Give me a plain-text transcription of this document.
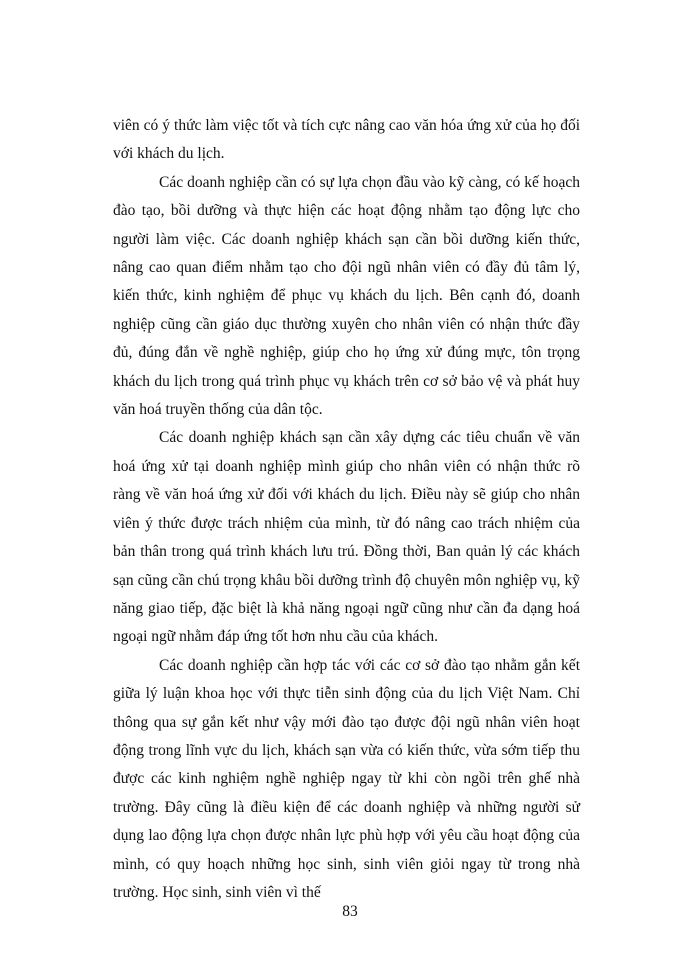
viên có ý thức làm việc tốt và tích cực nâng cao văn hóa ứng xử của họ đối với khách du lịch.

Các doanh nghiệp cần có sự lựa chọn đầu vào kỹ càng, có kế hoạch đào tạo, bồi dưỡng và thực hiện các hoạt động nhằm tạo động lực cho người làm việc. Các doanh nghiệp khách sạn cần bồi dưỡng kiến thức, nâng cao quan điểm nhằm tạo cho đội ngũ nhân viên có đầy đủ tâm lý, kiến thức, kinh nghiệm để phục vụ khách du lịch. Bên cạnh đó, doanh nghiệp cũng cần giáo dục thường xuyên cho nhân viên có nhận thức đầy đủ, đúng đắn về nghề nghiệp, giúp cho họ ứng xử đúng mực, tôn trọng khách du lịch trong quá trình phục vụ khách trên cơ sở bảo vệ và phát huy văn hoá truyền thống của dân tộc.

Các doanh nghiệp khách sạn cần xây dựng các tiêu chuẩn về văn hoá ứng xử tại doanh nghiệp mình giúp cho nhân viên có nhận thức rõ ràng về văn hoá ứng xử đối với khách du lịch. Điều này sẽ giúp cho nhân viên ý thức được trách nhiệm của mình, từ đó nâng cao trách nhiệm của bản thân trong quá trình khách lưu trú. Đồng thời, Ban quản lý các khách sạn cũng cần chú trọng khâu bồi dưỡng trình độ chuyên môn nghiệp vụ, kỹ năng giao tiếp, đặc biệt là khả năng ngoại ngữ cũng như cần đa dạng hoá ngoại ngữ nhằm đáp ứng tốt hơn nhu cầu của khách.

Các doanh nghiệp cần hợp tác với các cơ sở đào tạo nhằm gắn kết giữa lý luận khoa học với thực tiễn sinh động của du lịch Việt Nam. Chỉ thông qua sự gắn kết như vậy mới đào tạo được đội ngũ nhân viên hoạt động trong lĩnh vực du lịch, khách sạn vừa có kiến thức, vừa sớm tiếp thu được các kinh nghiệm nghề nghiệp ngay từ khi còn ngồi trên ghế nhà trường. Đây cũng là điều kiện để các doanh nghiệp và những người sử dụng lao động lựa chọn được nhân lực phù hợp với yêu cầu hoạt động của mình, có quy hoạch những học sinh, sinh viên giỏi ngay từ trong nhà trường. Học sinh, sinh viên vì thế

83
